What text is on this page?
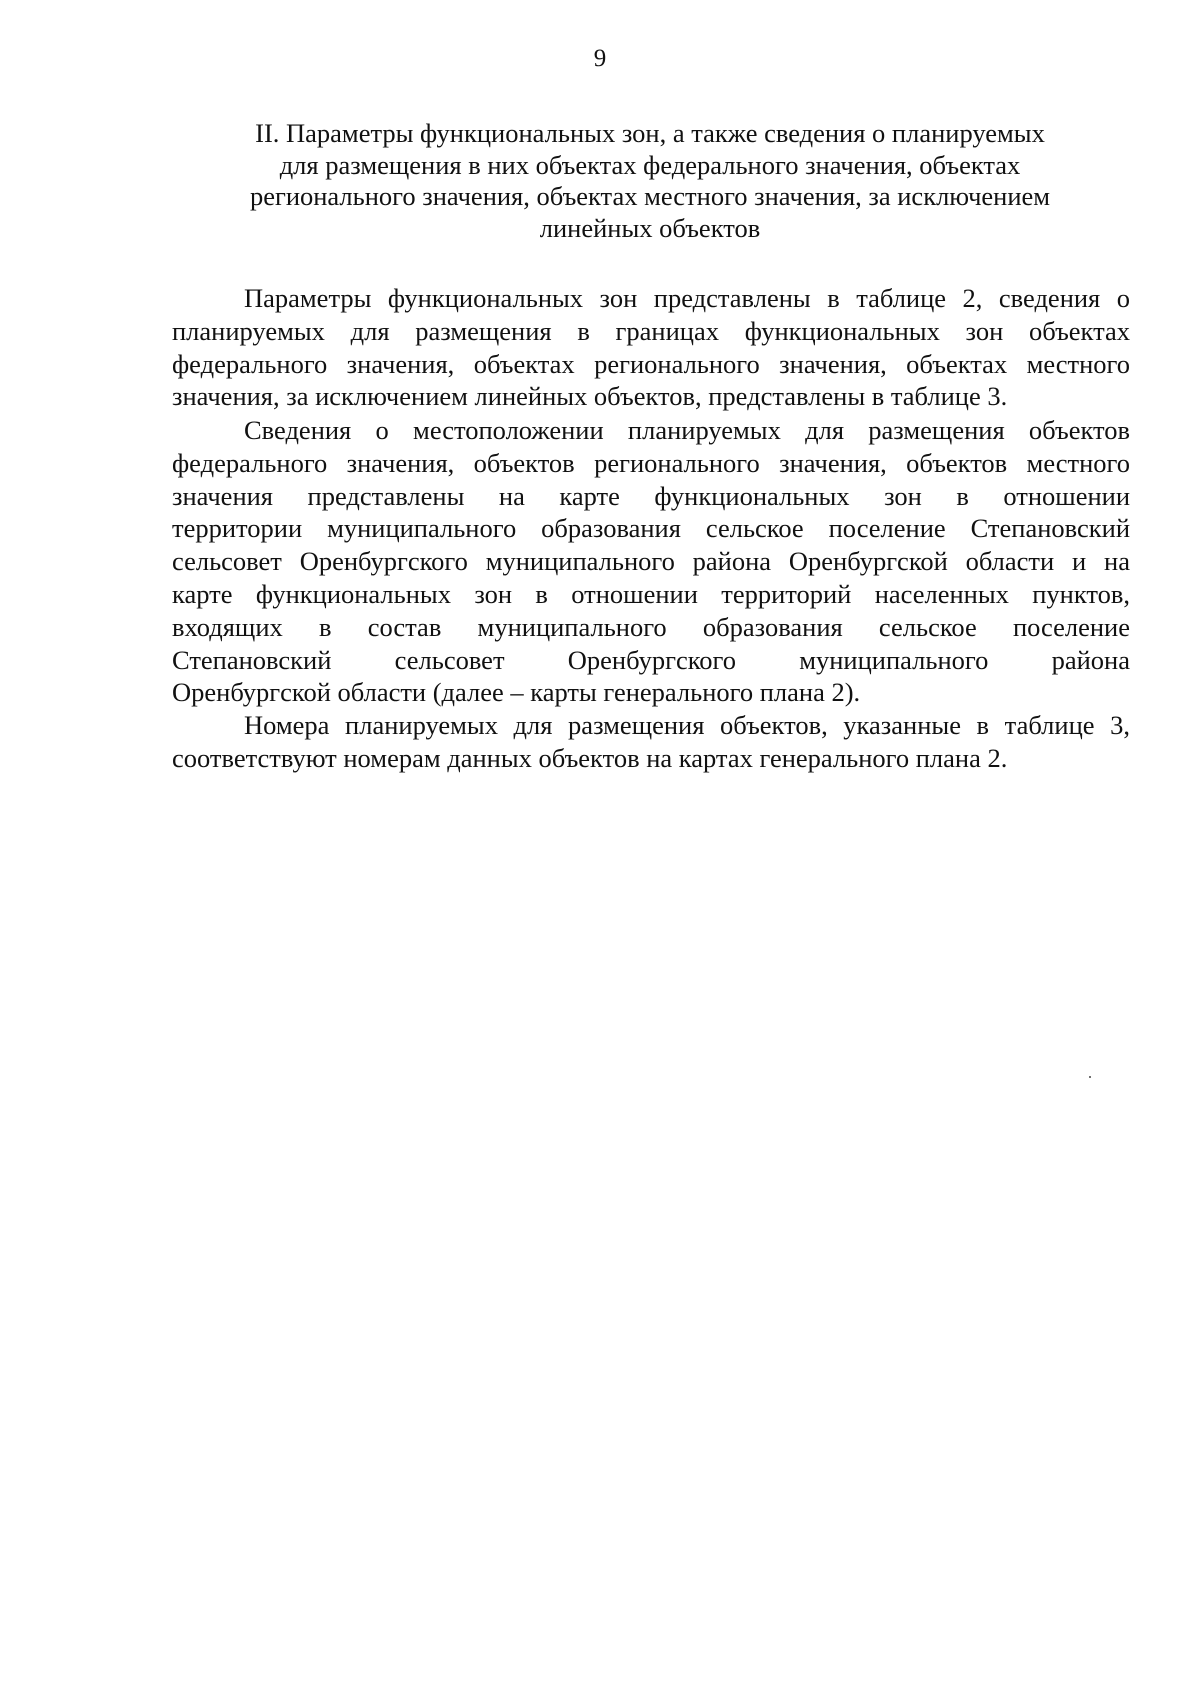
9
II. Параметры функциональных зон, а также сведения о планируемых
для размещения в них объектах федерального значения, объектах
регионального значения, объектах местного значения, за исключением
линейных объектов
Параметры функциональных зон представлены в таблице 2, сведения о
планируемых для размещения в границах функциональных зон объектах
федерального значения, объектах регионального значения, объектах местного
значения, за исключением линейных объектов, представлены в таблице 3.
Сведения о местоположении планируемых для размещения объектов
федерального значения, объектов регионального значения, объектов местного
значения представлены на карте функциональных зон в отношении
территории муниципального образования сельское поселение Степановский
сельсовет Оренбургского муниципального района Оренбургской области и на
карте функциональных зон в отношении территорий населенных пунктов,
входящих в состав муниципального образования сельское поселение
Степановский сельсовет Оренбургского муниципального района
Оренбургской области (далее – карты генерального плана 2).
Номера планируемых для размещения объектов, указанные в таблице 3,
соответствуют номерам данных объектов на картах генерального плана 2.
